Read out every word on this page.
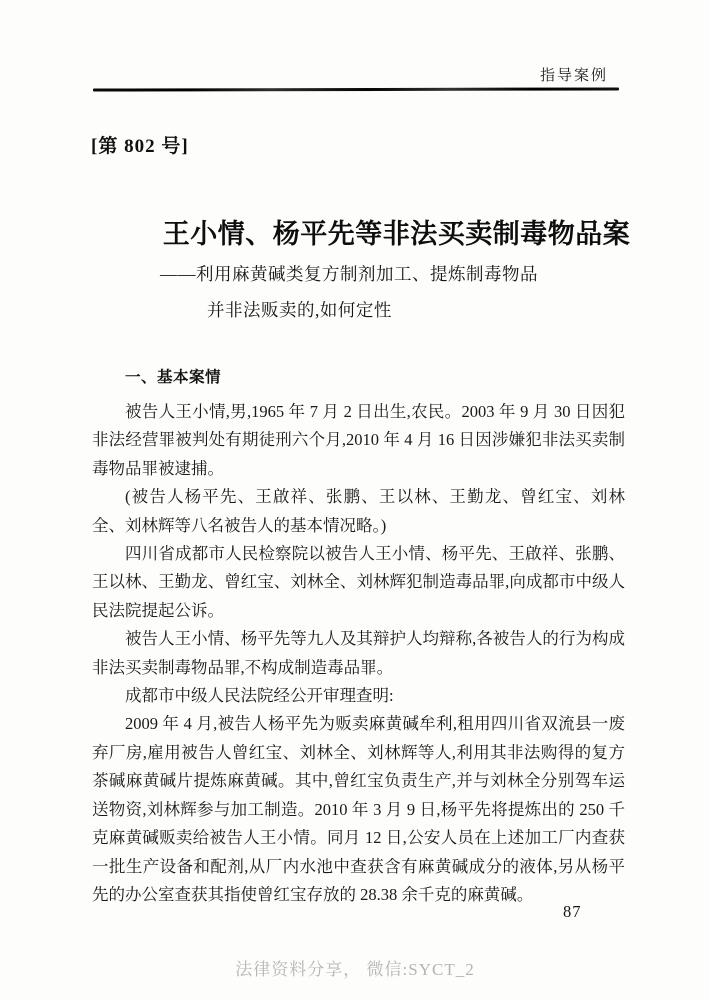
指导案例
[第 802 号]
王小情、杨平先等非法买卖制毒物品案
——利用麻黄碱类复方制剂加工、提炼制毒物品
并非法贩卖的,如何定性
一、基本案情

被告人王小情,男,1965 年 7 月 2 日出生,农民。2003 年 9 月 30 日因犯非法经营罪被判处有期徒刑六个月,2010 年 4 月 16 日因涉嫌犯非法买卖制毒物品罪被逮捕。

(被告人杨平先、王啟祥、张鹏、王以林、王勤龙、曾红宝、刘林全、刘林辉等八名被告人的基本情况略。)

四川省成都市人民检察院以被告人王小情、杨平先、王啟祥、张鹏、王以林、王勤龙、曾红宝、刘林全、刘林辉犯制造毒品罪,向成都市中级人民法院提起公诉。

被告人王小情、杨平先等九人及其辩护人均辩称,各被告人的行为构成非法买卖制毒物品罪,不构成制造毒品罪。

成都市中级人民法院经公开审理查明:

2009 年 4 月,被告人杨平先为贩卖麻黄碱牟利,租用四川省双流县一废弃厂房,雇用被告人曾红宝、刘林全、刘林辉等人,利用其非法购得的复方茶碱麻黄碱片提炼麻黄碱。其中,曾红宝负责生产,并与刘林全分别驾车运送物资,刘林辉参与加工制造。2010 年 3 月 9 日,杨平先将提炼出的 250 千克麻黄碱贩卖给被告人王小情。同月 12 日,公安人员在上述加工厂内查获一批生产设备和配剂,从厂内水池中查获含有麻黄碱成分的液体,另从杨平先的办公室查获其指使曾红宝存放的 28.38 余千克的麻黄碱。

87
法律资料分享， 微信:SYCT_2
